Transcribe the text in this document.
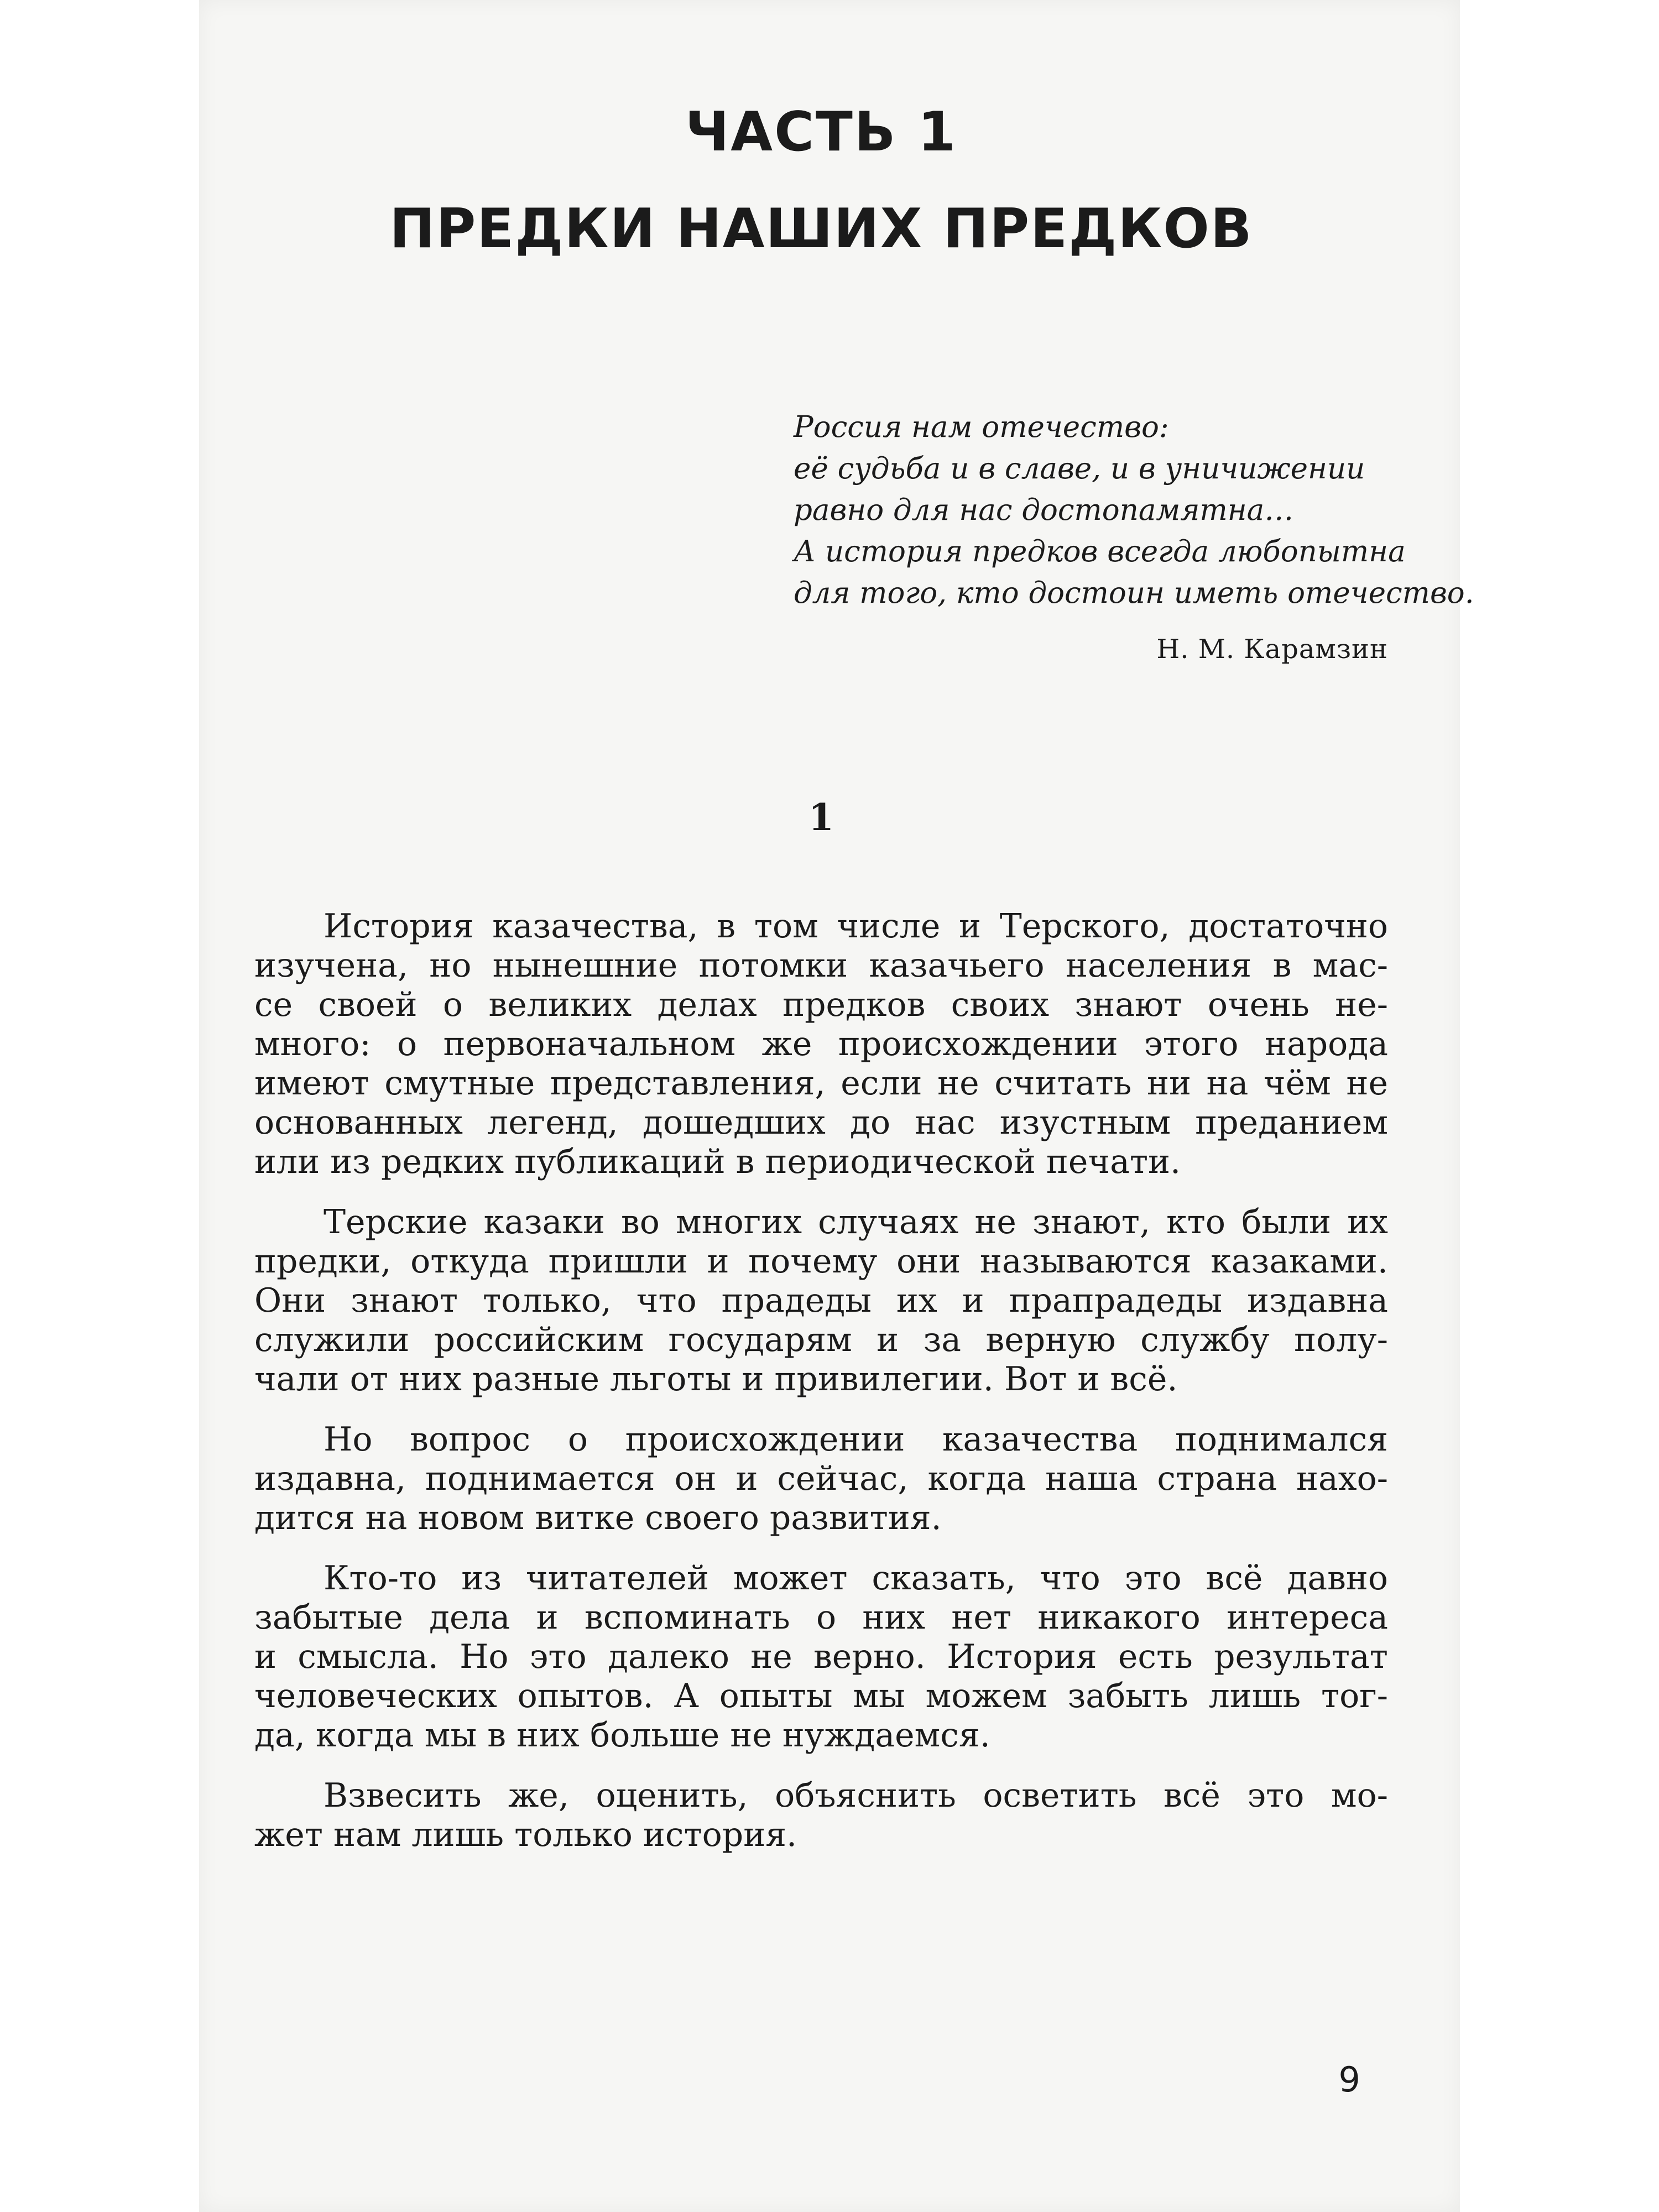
ЧАСТЬ 1
ПРЕДКИ НАШИХ ПРЕДКОВ
Россия нам отечество:
её судьба и в славе, и в уничижении
равно для нас достопамятна…
А история предков всегда любопытна
для того, кто достоин иметь отечество.
Н. М. Карамзин
1
История казачества, в том числе и Терского, достаточно
изучена, но нынешние потомки казачьего населения в мас-
се своей о великих делах предков своих знают очень не-
много: о первоначальном же происхождении этого народа
имеют смутные представления, если не считать ни на чём не
основанных легенд, дошедших до нас изустным преданием
или из редких публикаций в периодической печати.
Терские казаки во многих случаях не знают, кто были их
предки, откуда пришли и почему они называются казаками.
Они знают только, что прадеды их и прапрадеды издавна
служили российским государям и за верную службу полу-
чали от них разные льготы и привилегии. Вот и всё.
Но вопрос о происхождении казачества поднимался
издавна, поднимается он и сейчас, когда наша страна нахо-
дится на новом витке своего развития.
Кто-то из читателей может сказать, что это всё давно
забытые дела и вспоминать о них нет никакого интереса
и смысла. Но это далеко не верно. История есть результат
человеческих опытов. А опыты мы можем забыть лишь тог-
да, когда мы в них больше не нуждаемся.
Взвесить же, оценить, объяснить осветить всё это мо-
жет нам лишь только история.
9
